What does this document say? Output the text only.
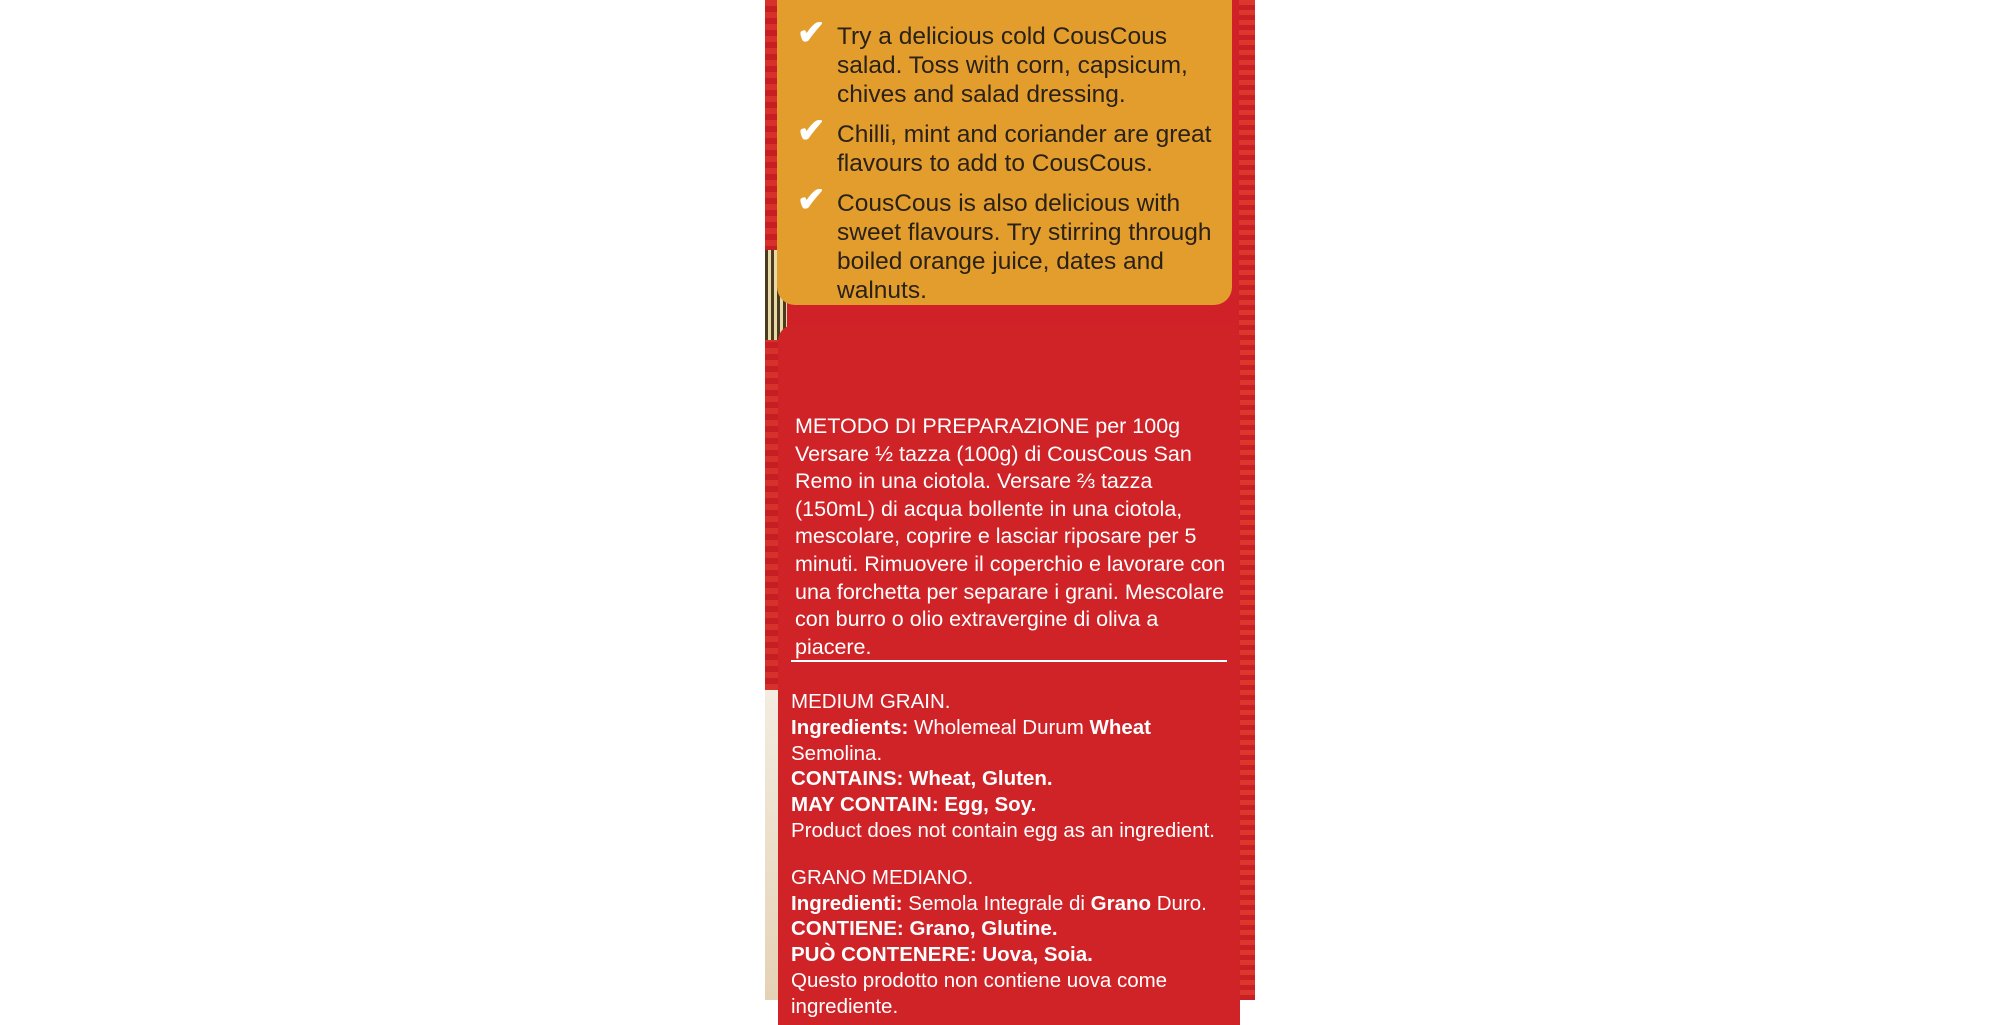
✔ Try a delicious cold CousCous salad. Toss with corn, capsicum, chives and salad dressing.
✔ Chilli, mint and coriander are great flavours to add to CousCous.
✔ CousCous is also delicious with sweet flavours. Try stirring through boiled orange juice, dates and walnuts.

METODO DI PREPARAZIONE per 100g

Versare ½ tazza (100g) di CousCous San Remo in una ciotola. Versare ⅔ tazza (150mL) di acqua bollente in una ciotola, mescolare, coprire e lasciar riposare per 5 minuti. Rimuovere il coperchio e lavorare con una forchetta per separare i grani. Mescolare con burro o olio extravergine di oliva a piacere.

MEDIUM GRAIN.

Ingredients: Wholemeal Durum Wheat Semolina.

CONTAINS: Wheat, Gluten.

MAY CONTAIN: Egg, Soy.

Product does not contain egg as an ingredient.

GRANO MEDIANO.

Ingredienti: Semola Integrale di Grano Duro.

CONTIENE: Grano, Glutine.

PUÒ CONTENERE: Uova, Soia.

Questo prodotto non contiene uova come ingrediente.
